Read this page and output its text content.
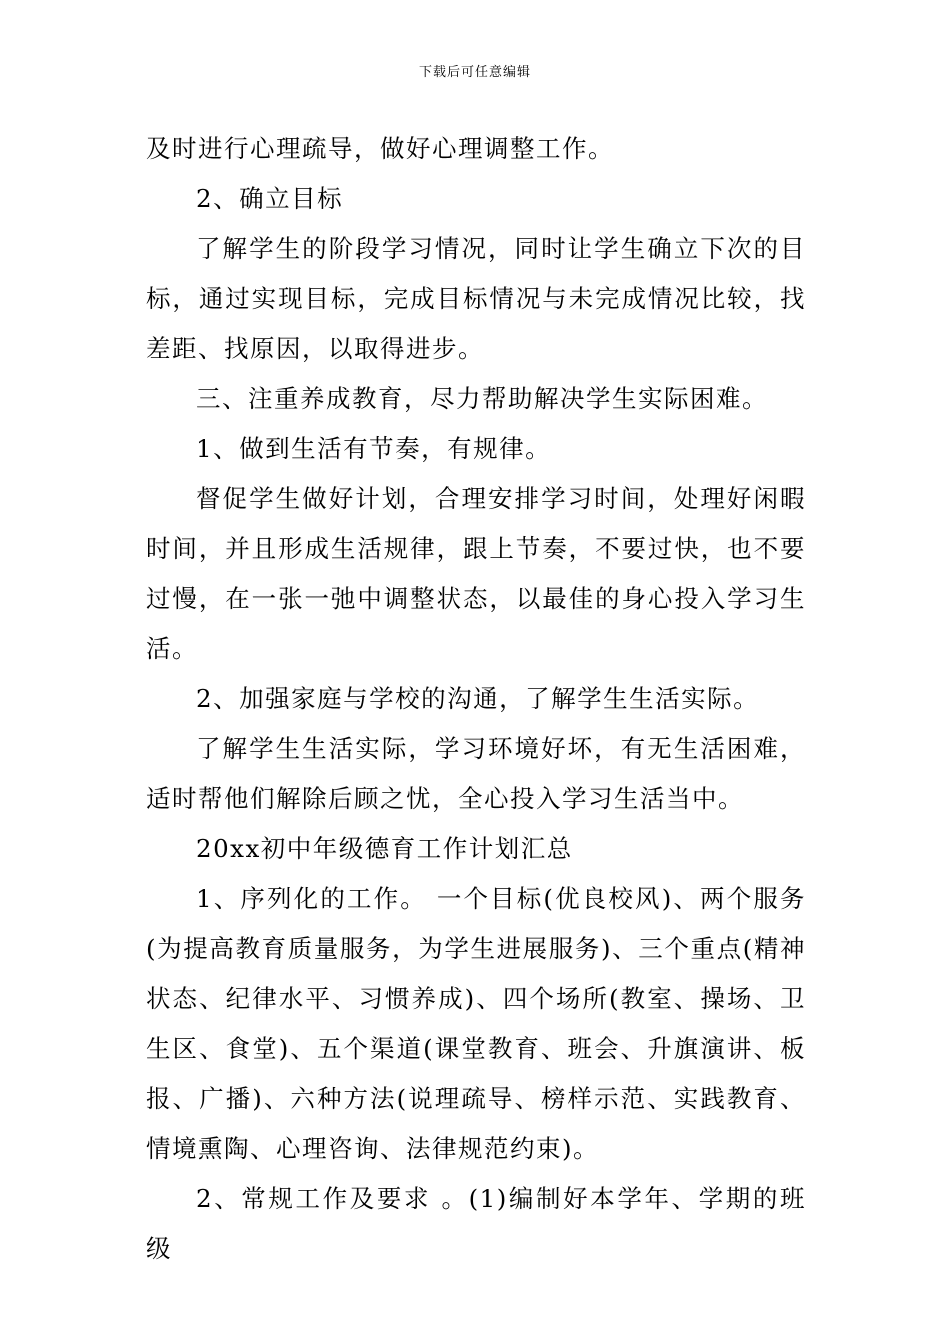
下载后可任意编辑

及时进行心理疏导，做好心理调整工作。

2、确立目标

了解学生的阶段学习情况，同时让学生确立下次的目标，通过实现目标，完成目标情况与未完成情况比较，找差距、找原因，以取得进步。

三、注重养成教育，尽力帮助解决学生实际困难。

1、做到生活有节奏，有规律。

督促学生做好计划，合理安排学习时间，处理好闲暇时间，并且形成生活规律，跟上节奏，不要过快，也不要过慢，在一张一弛中调整状态，以最佳的身心投入学习生活。

2、加强家庭与学校的沟通，了解学生生活实际。

了解学生生活实际，学习环境好坏，有无生活困难，适时帮他们解除后顾之忧，全心投入学习生活当中。

20xx初中年级德育工作计划汇总

1、序列化的工作。 一个目标(优良校风)、两个服务(为提高教育质量服务，为学生进展服务)、三个重点(精神状态、纪律水平、习惯养成)、四个场所(教室、操场、卫生区、食堂)、五个渠道(课堂教育、班会、升旗演讲、板报、广播)、六种方法(说理疏导、榜样示范、实践教育、情境熏陶、心理咨询、法律规范约束)。

2、常规工作及要求 。(1)编制好本学年、学期的班级
